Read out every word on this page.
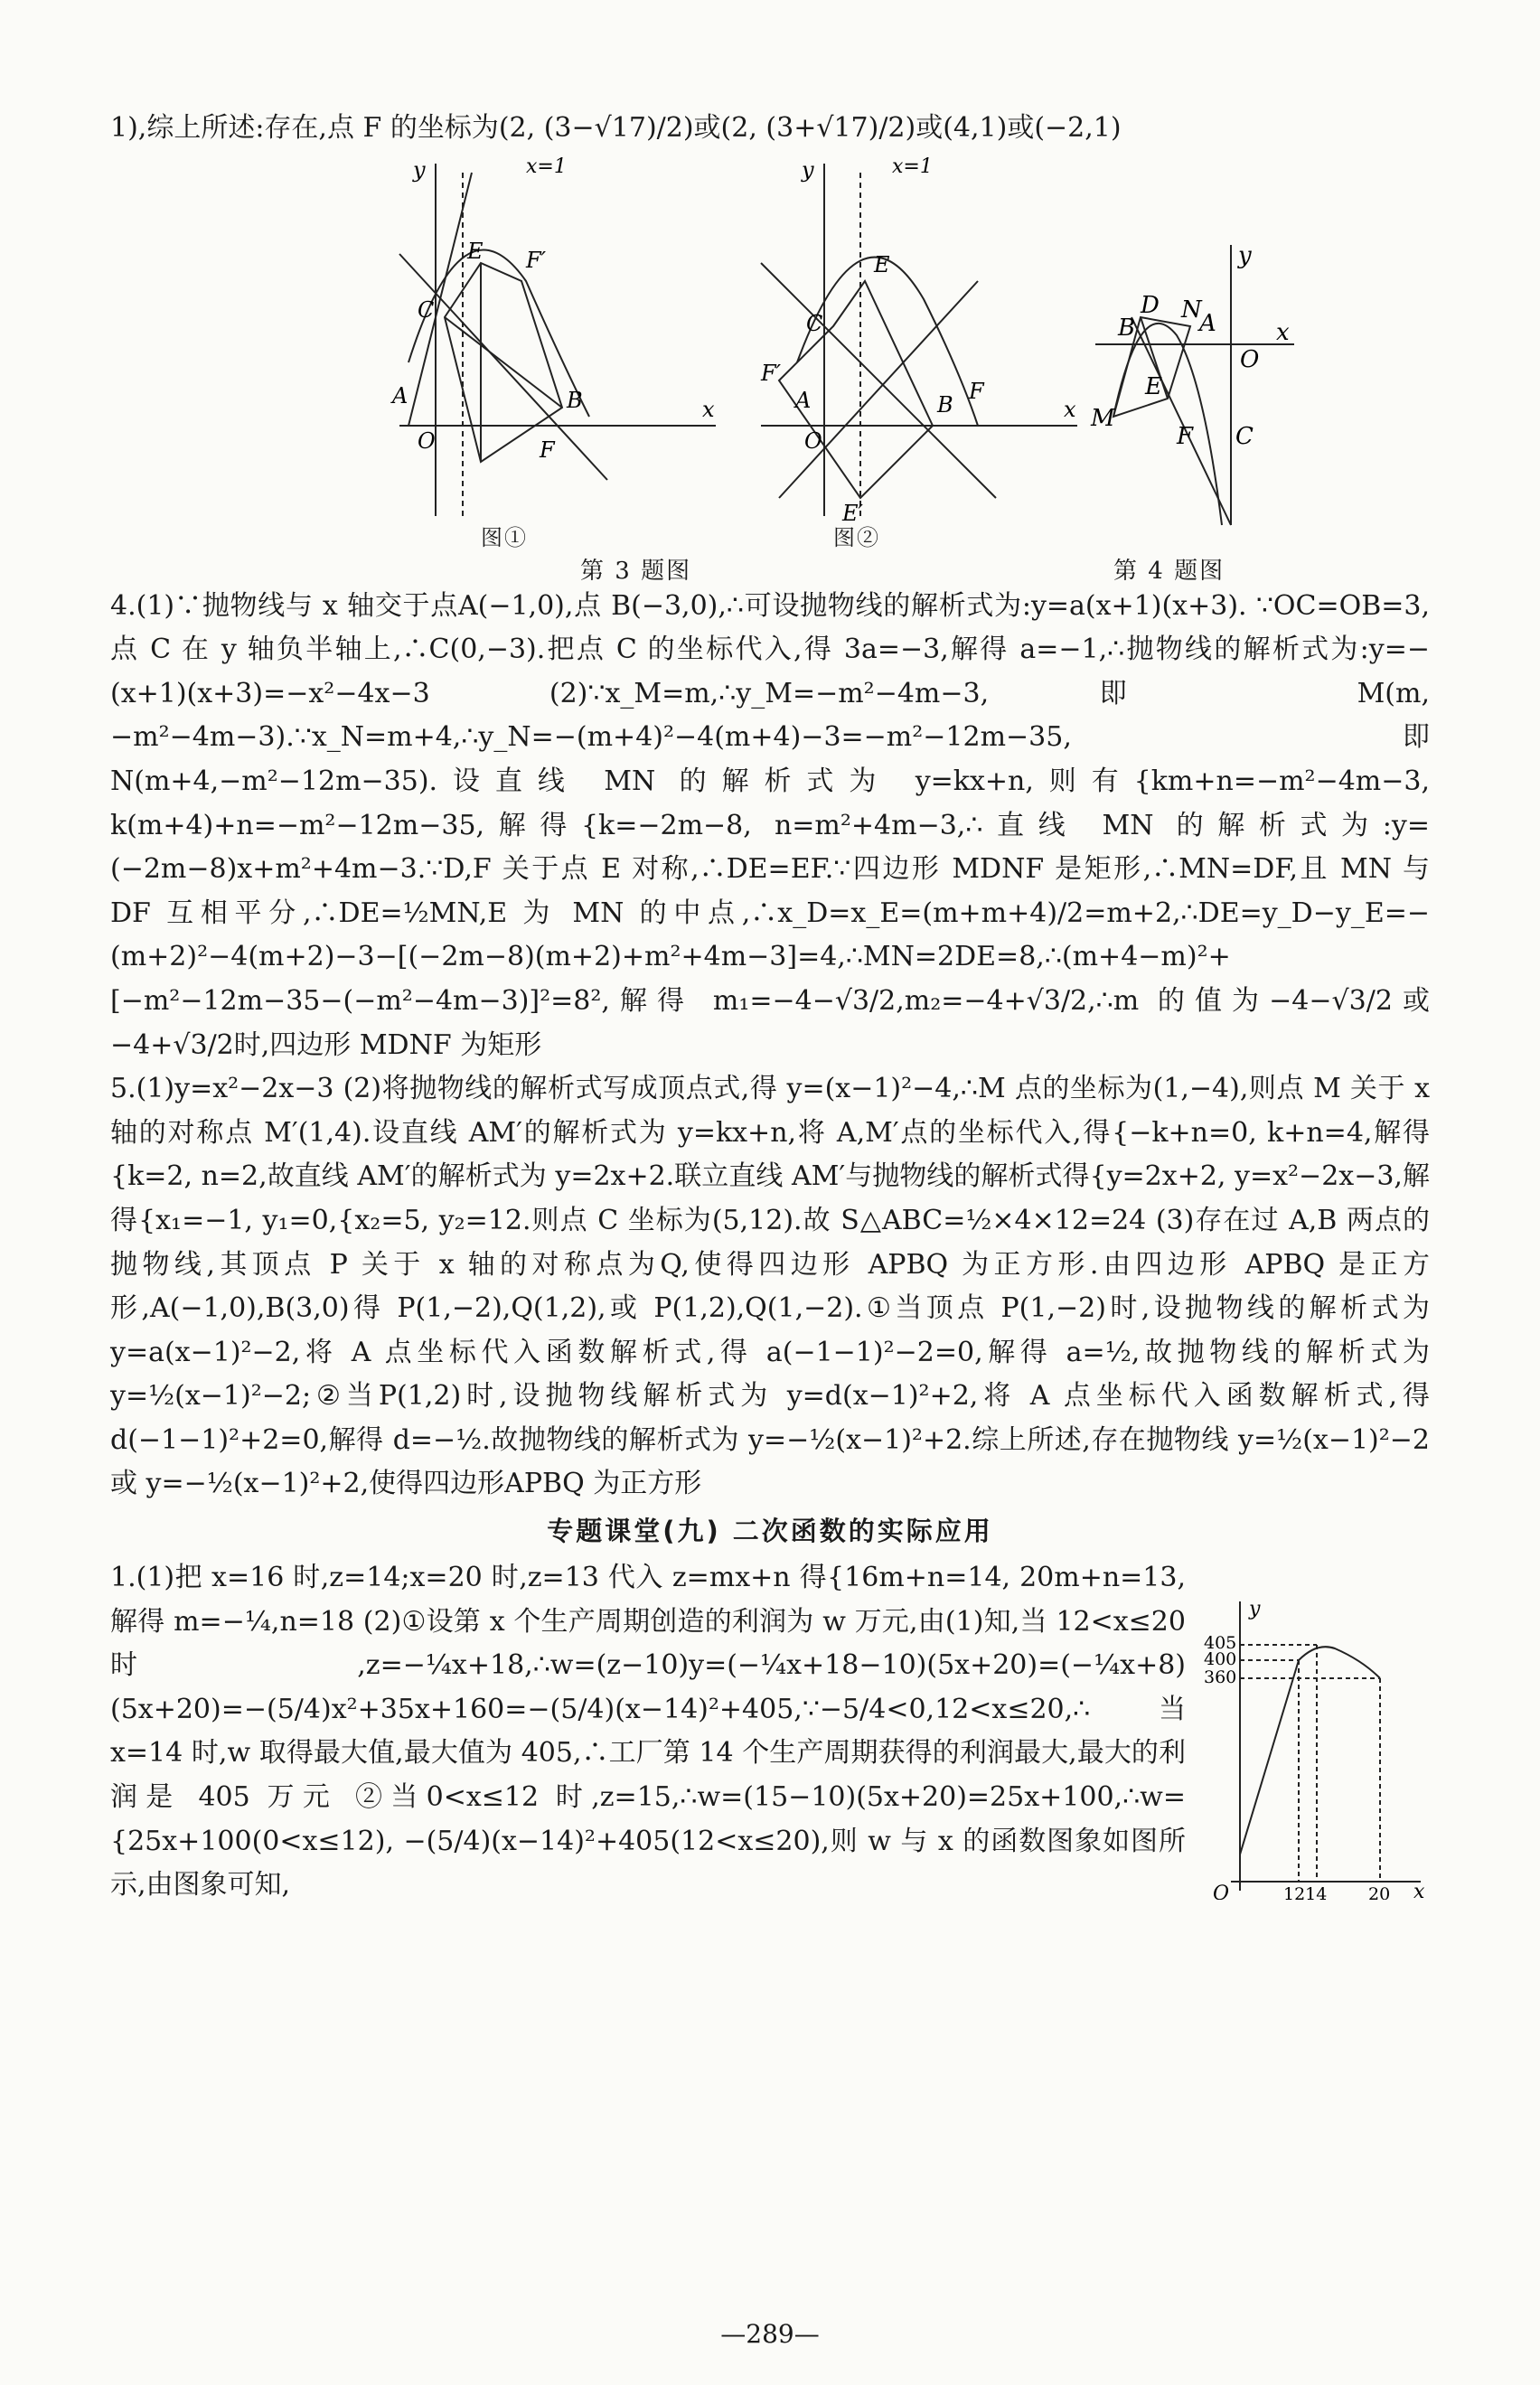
1),综上所述:存在,点 F 的坐标为(2, (3−√17)/2)或(2, (3+√17)/2)或(4,1)或(−2,1)

x=1
y
x
O
A	B
C
E
F
F′
图①
x=1
y
x
O
A	B
C
E
F
F′
E′
图②
第 3 题图
y
x
O
A
B
C
D
E
F
M
N
第 4 题图

4.(1)∵抛物线与 x 轴交于点A(−1,0),点 B(−3,0),∴可设抛物线的解析式为:y=a(x+1)(x+3). ∵OC=OB=3,点 C 在 y 轴负半轴上,∴C(0,−3).把点 C 的坐标代入,得 3a=−3,解得 a=−1,∴抛物线的解析式为:y=−(x+1)(x+3)=−x²−4x−3 (2)∵x_M=m,∴y_M=−m²−4m−3,即 M(m,−m²−4m−3).∵x_N=m+4,∴y_N=−(m+4)²−4(m+4)−3=−m²−12m−35,即 N(m+4,−m²−12m−35).设直线 MN 的解析式为 y=kx+n,则有{km+n=−m²−4m−3, k(m+4)+n=−m²−12m−35,解得{k=−2m−8, n=m²+4m−3,∴直线 MN 的解析式为:y=(−2m−8)x+m²+4m−3.∵D,F 关于点 E 对称,∴DE=EF.∵四边形 MDNF 是矩形,∴MN=DF,且 MN 与 DF 互相平分,∴DE=½MN,E 为 MN 的中点,∴x_D=x_E=(m+m+4)/2=m+2,∴DE=y_D−y_E=−(m+2)²−4(m+2)−3−[(−2m−8)(m+2)+m²+4m−3]=4,∴MN=2DE=8,∴(m+4−m)²+[−m²−12m−35−(−m²−4m−3)]²=8²,解得 m₁=−4−√3/2,m₂=−4+√3/2,∴m 的值为−4−√3/2或−4+√3/2时,四边形 MDNF 为矩形

5.(1)y=x²−2x−3 (2)将抛物线的解析式写成顶点式,得 y=(x−1)²−4,∴M 点的坐标为(1,−4),则点 M 关于 x 轴的对称点 M′(1,4).设直线 AM′的解析式为 y=kx+n,将 A,M′点的坐标代入,得{−k+n=0, k+n=4,解得{k=2, n=2,故直线 AM′的解析式为 y=2x+2.联立直线 AM′与抛物线的解析式得{y=2x+2, y=x²−2x−3,解得{x₁=−1, y₁=0,{x₂=5, y₂=12.则点 C 坐标为(5,12).故 S△ABC=½×4×12=24 (3)存在过 A,B 两点的抛物线,其顶点 P 关于 x 轴的对称点为Q,使得四边形 APBQ 为正方形.由四边形 APBQ 是正方形,A(−1,0),B(3,0)得 P(1,−2),Q(1,2),或 P(1,2),Q(1,−2).①当顶点 P(1,−2)时,设抛物线的解析式为 y=a(x−1)²−2,将 A 点坐标代入函数解析式,得 a(−1−1)²−2=0,解得 a=½,故抛物线的解析式为 y=½(x−1)²−2;②当P(1,2)时,设抛物线解析式为 y=d(x−1)²+2,将 A 点坐标代入函数解析式,得 d(−1−1)²+2=0,解得 d=−½.故抛物线的解析式为 y=−½(x−1)²+2.综上所述,存在抛物线 y=½(x−1)²−2 或 y=−½(x−1)²+2,使得四边形APBQ 为正方形

专题课堂(九) 二次函数的实际应用
y
x
O
405
400
360
1214 20

1.(1)把 x=16 时,z=14;x=20 时,z=13 代入 z=mx+n 得{16m+n=14, 20m+n=13,解得 m=−¼,n=18 (2)①设第 x 个生产周期创造的利润为 w 万元,由(1)知,当 12<x≤20 时,z=−¼x+18,∴w=(z−10)y=(−¼x+18−10)(5x+20)=(−¼x+8)(5x+20)=−(5/4)x²+35x+160=−(5/4)(x−14)²+405,∵−5/4<0,12<x≤20,∴当 x=14 时,w 取得最大值,最大值为 405,∴工厂第 14 个生产周期获得的利润最大,最大的利润是 405 万元 ②当0<x≤12 时,z=15,∴w=(15−10)(5x+20)=25x+100,∴w={25x+100(0<x≤12), −(5/4)(x−14)²+405(12<x≤20),则 w 与 x 的函数图象如图所示,由图象可知,

—289—
